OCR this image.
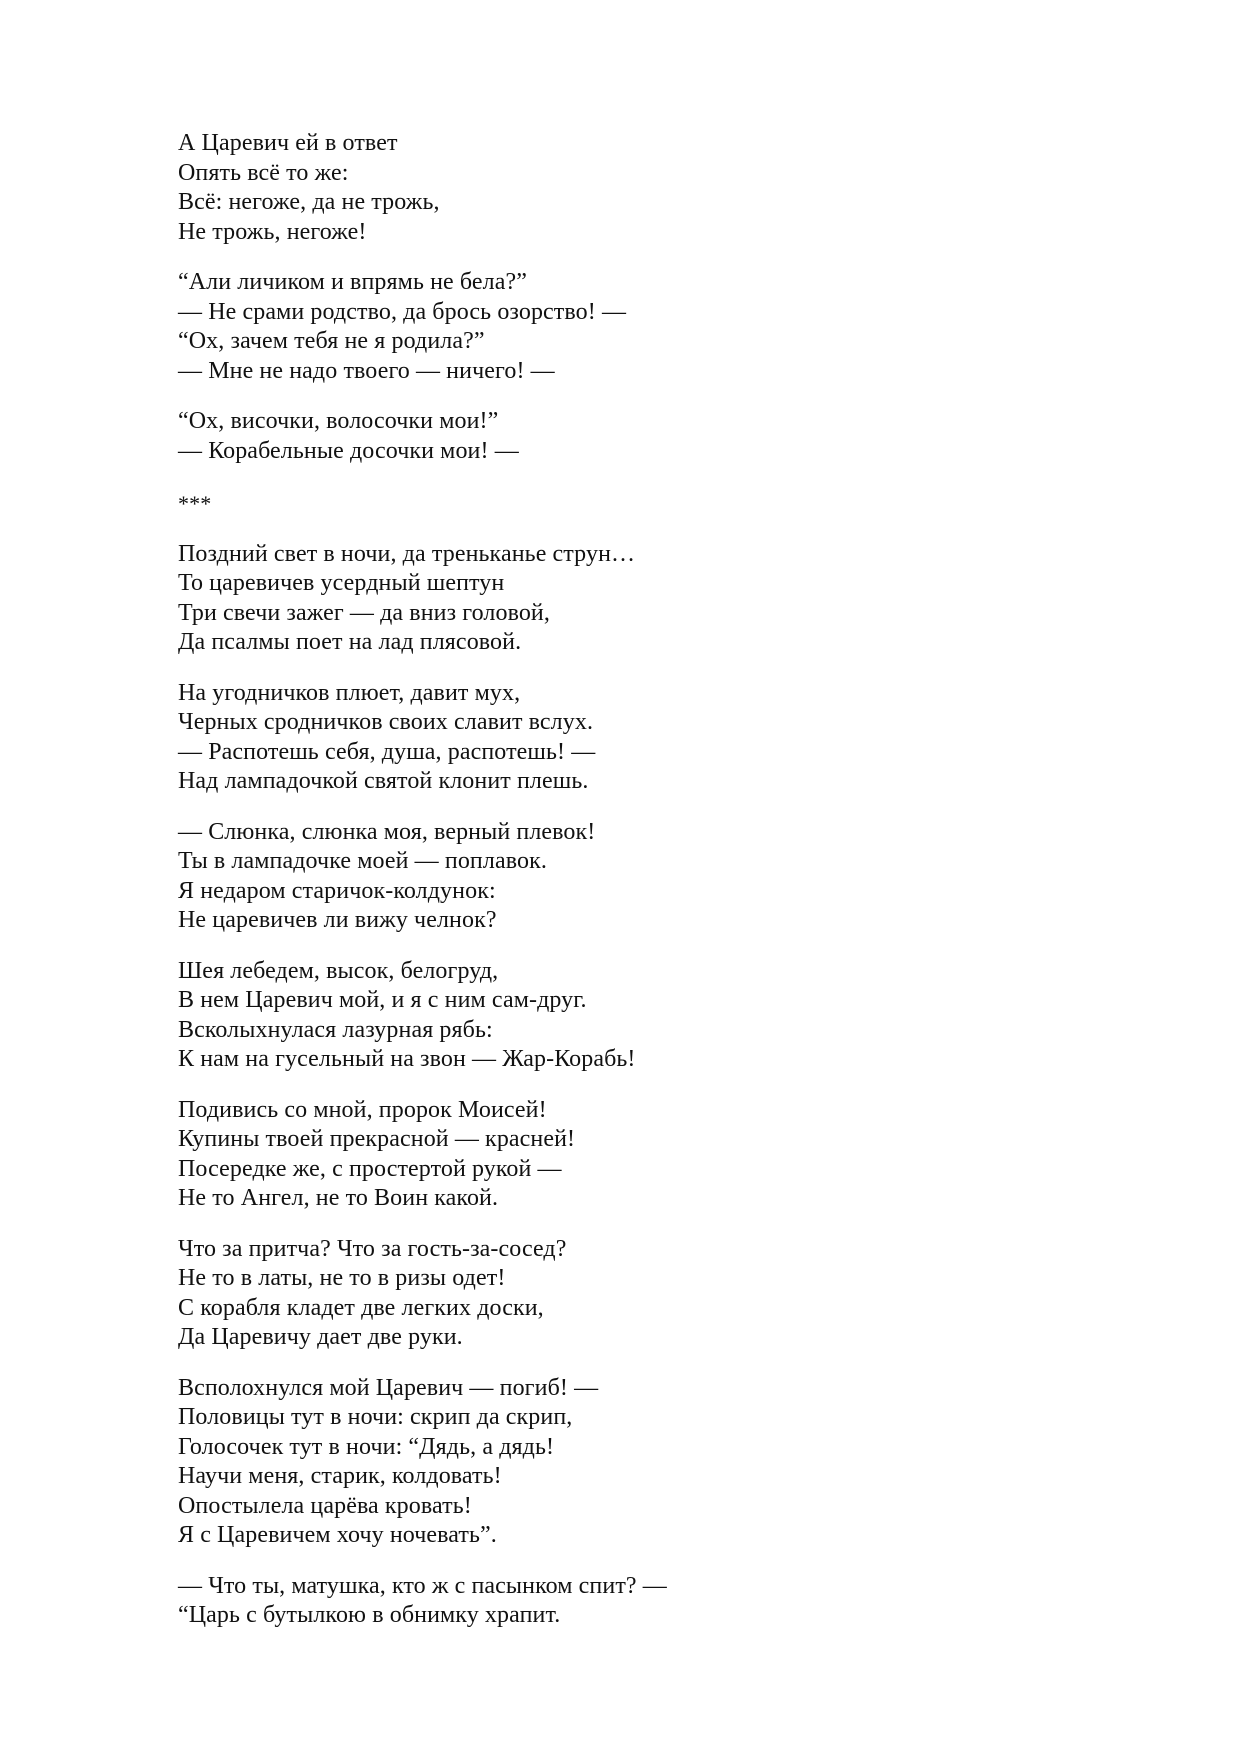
А Царевич ей в ответ
Опять всё то же:
Всё: негоже, да не трожь,
Не трожь, негоже!
“Али личиком и впрямь не бела?”
— Не срами родство, да брось озорство! —
“Ох, зачем тебя не я родила?”
— Мне не надо твоего — ничего! —
“Ох, височки, волосочки мои!”
— Корабельные досочки мои! —
***
Поздний свет в ночи, да треньканье струн…
То царевичев усердный шептун
Три свечи зажег — да вниз головой,
Да псалмы поет на лад плясовой.
На угодничков плюет, давит мух,
Черных сродничков своих славит вслух.
— Распотешь себя, душа, распотешь! —
Над лампадочкой святой клонит плешь.
— Слюнка, слюнка моя, верный плевок!
Ты в лампадочке моей — поплавок.
Я недаром старичок-колдунок:
Не царевичев ли вижу челнок?
Шея лебедем, высок, белогруд,
В нем Царевич мой, и я с ним сам-друг.
Всколыхнулася лазурная рябь:
К нам на гусельный на звон — Жар-Корабь!
Подивись со мной, пророк Моисей!
Купины твоей прекрасной — красней!
Посередке же, с простертой рукой —
Не то Ангел, не то Воин какой.
Что за притча? Что за гость-за-сосед?
Не то в латы, не то в ризы одет!
С корабля кладет две легких доски,
Да Царевичу дает две руки.
Всполохнулся мой Царевич — погиб! —
Половицы тут в ночи: скрип да скрип,
Голосочек тут в ночи: “Дядь, а дядь!
Научи меня, старик, колдовать!
Опостылела царёва кровать!
Я с Царевичем хочу ночевать”.
— Что ты, матушка, кто ж с пасынком спит? —
“Царь с бутылкою в обнимку храпит.
